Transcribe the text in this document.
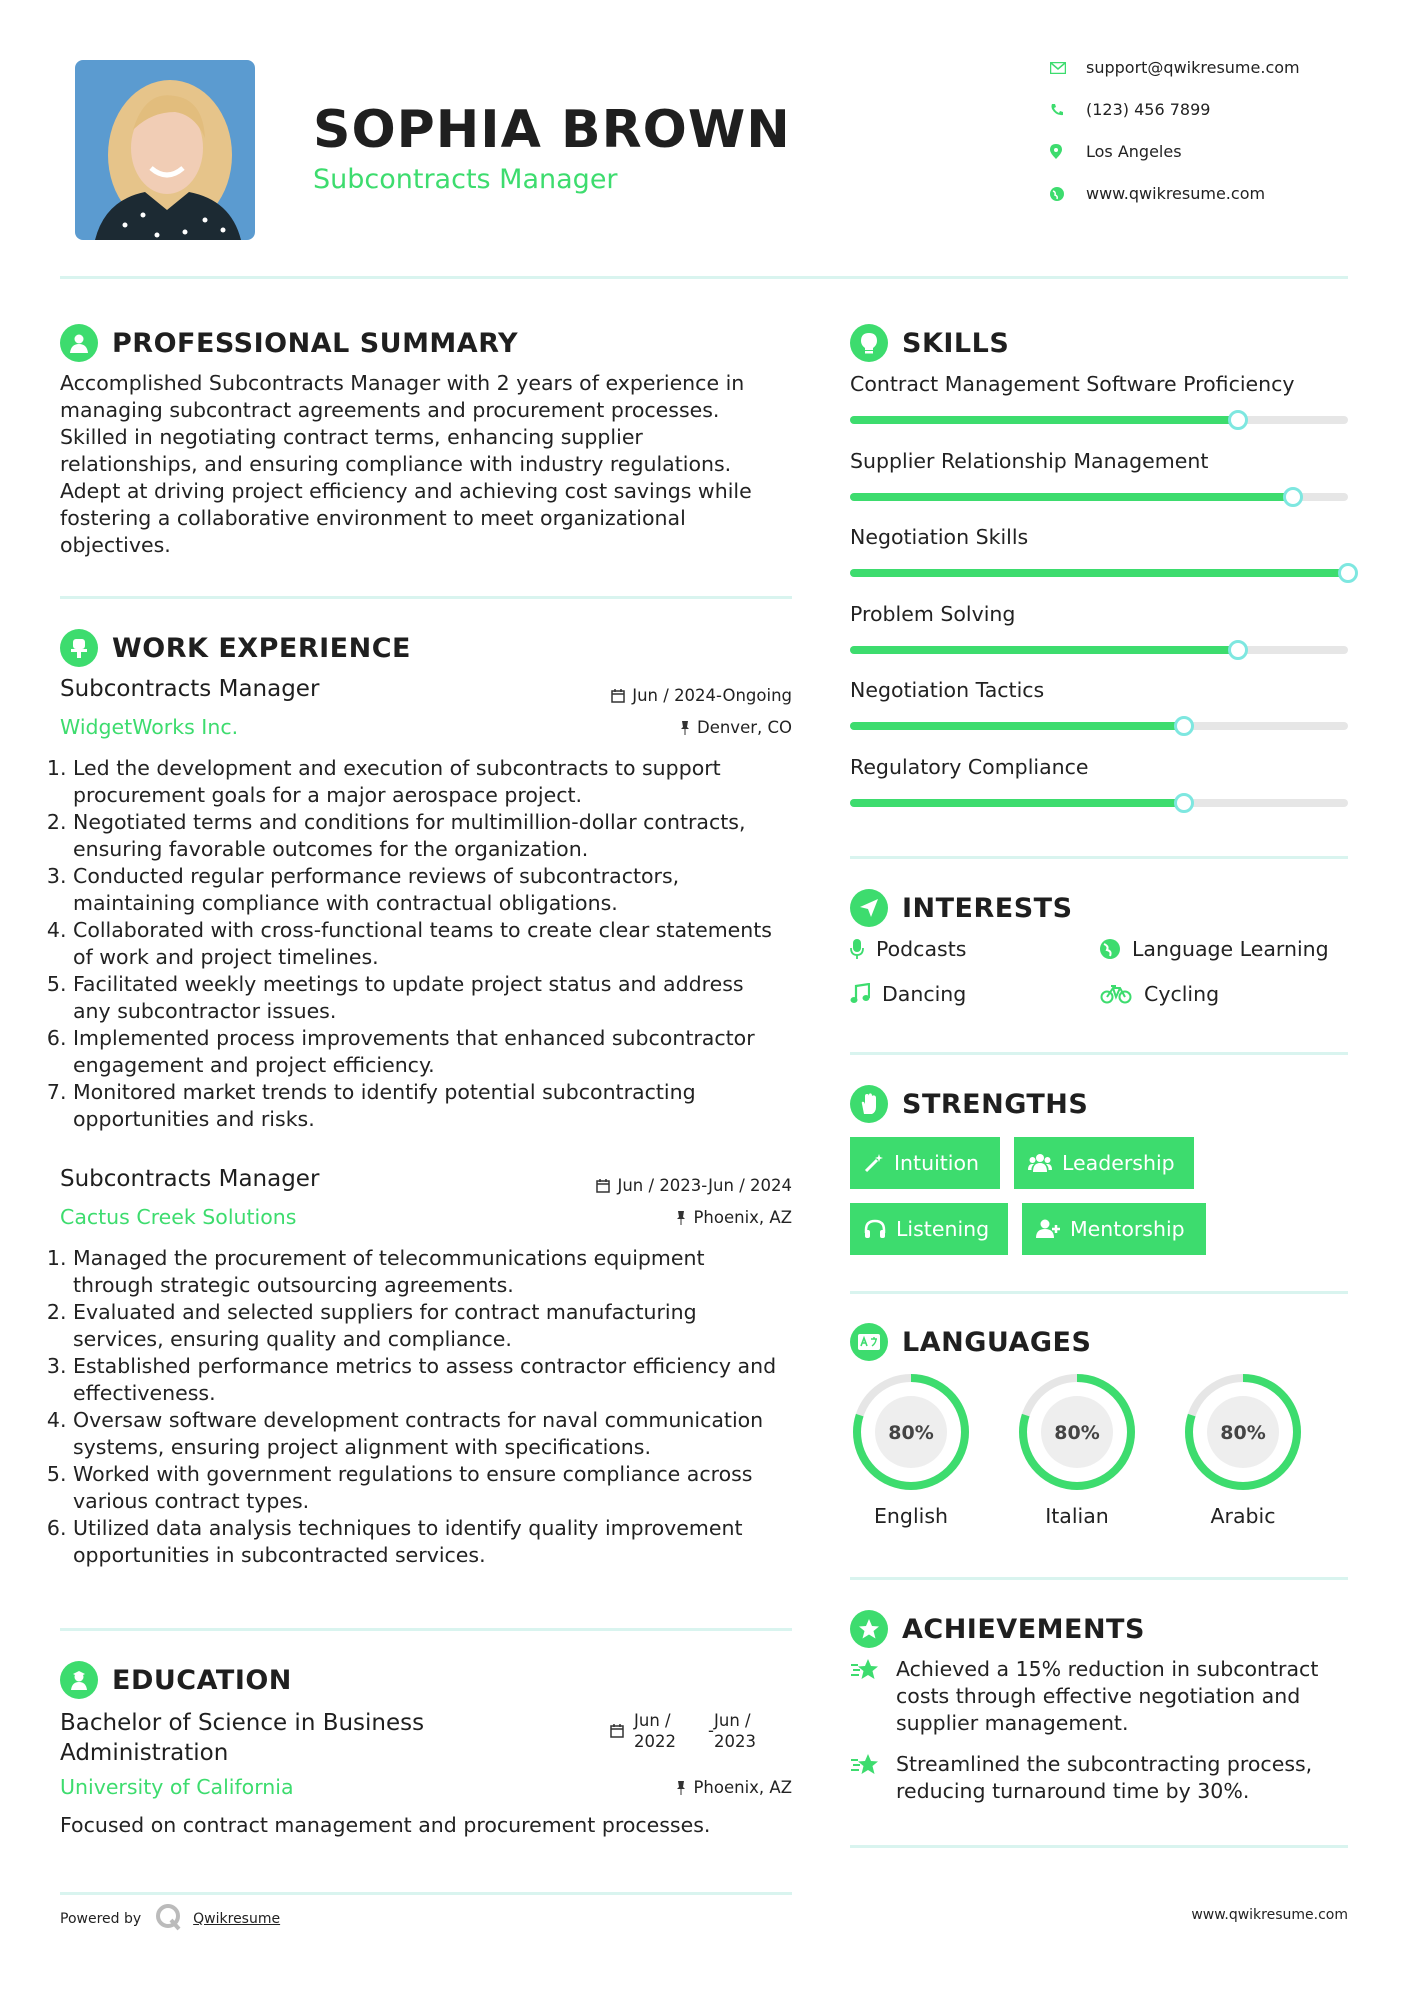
SOPHIA BROWN
Subcontracts Manager
support@qwikresume.com
(123) 456 7899
Los Angeles
www.qwikresume.com
PROFESSIONAL SUMMARY
Accomplished Subcontracts Manager with 2 years of experience in
managing subcontract agreements and procurement processes.
Skilled in negotiating contract terms, enhancing supplier
relationships, and ensuring compliance with industry regulations.
Adept at driving project efficiency and achieving cost savings while
fostering a collaborative environment to meet organizational
objectives.
WORK EXPERIENCE
Subcontracts Manager	Jun / 2024-Ongoing
WidgetWorks Inc.	Denver, CO
1. Led the development and execution of subcontracts to support
procurement goals for a major aerospace project.
2. Negotiated terms and conditions for multimillion-dollar contracts,
ensuring favorable outcomes for the organization.
3. Conducted regular performance reviews of subcontractors,
maintaining compliance with contractual obligations.
4. Collaborated with cross-functional teams to create clear statements
of work and project timelines.
5. Facilitated weekly meetings to update project status and address
any subcontractor issues.
6. Implemented process improvements that enhanced subcontractor
engagement and project efficiency.
7. Monitored market trends to identify potential subcontracting
opportunities and risks.
Subcontracts Manager	Jun / 2023-Jun / 2024
Cactus Creek Solutions	Phoenix, AZ
1. Managed the procurement of telecommunications equipment
through strategic outsourcing agreements.
2. Evaluated and selected suppliers for contract manufacturing
services, ensuring quality and compliance.
3. Established performance metrics to assess contractor efficiency and
effectiveness.
4. Oversaw software development contracts for naval communication
systems, ensuring project alignment with specifications.
5. Worked with government regulations to ensure compliance across
various contract types.
6. Utilized data analysis techniques to identify quality improvement
opportunities in subcontracted services.
EDUCATION
Bachelor of Science in Business
Administration
Jun /
2022
-
Jun /
2023
University of California	Phoenix, AZ
Focused on contract management and procurement processes.
Powered by	Qwikresume	www.qwikresume.com
SKILLS
Contract Management Software Proficiency
Supplier Relationship Management
Negotiation Skills
Problem Solving
Negotiation Tactics
Regulatory Compliance
INTERESTS
Podcasts	Language Learning
Dancing	Cycling
STRENGTHS
Intuition	Leadership
Listening	Mentorship
LANGUAGES
80%
English
80%
Italian
80%
Arabic
ACHIEVEMENTS
Achieved a 15% reduction in subcontract
costs through effective negotiation and
supplier management.
Streamlined the subcontracting process,
reducing turnaround time by 30%.
